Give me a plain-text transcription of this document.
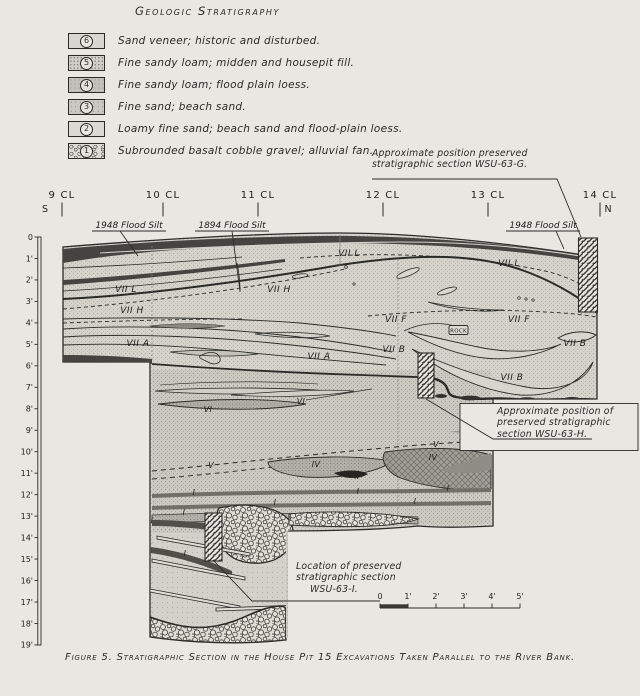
ROCK
S	N
9 CL	10 CL	11 CL	12 CL	13 CL	14 CL
1948 Flood Silt	1894 Flood Silt	1948 Flood Silt
0
1'
2'
3'
4'
5'
6'
7'
8'
9'
10'
11'
12'
13'
14'
15'
16'
17'
18'
19'
0	1'	2'	3'	4'	5'
VII L
VII L
VII L
VII H
VII H
VII A
VII A
VII F	VII F
VII B
VII B
VII B
VI
VI
V
V
IV
IV
II
I	I	I
I	I
I
I
I
Geologic Stratigraphy
6	Sand veneer; historic and disturbed.
5	Fine sandy loam; midden and housepit fill.
4	Fine sandy loam; flood plain loess.
3	Fine sand; beach sand.
2	Loamy fine sand; beach sand and flood-plain loess.
1	Subrounded basalt cobble gravel; alluvial fan.
Approximate position preserved
stratigraphic section WSU-63-G.
Approximate position of
preserved stratigraphic
section WSU-63-H.
Location of preserved
stratigraphic section
WSU-63-I.
Figure 5. Stratigraphic Section in the House Pit 15 Excavations Taken Parallel to the River Bank.
